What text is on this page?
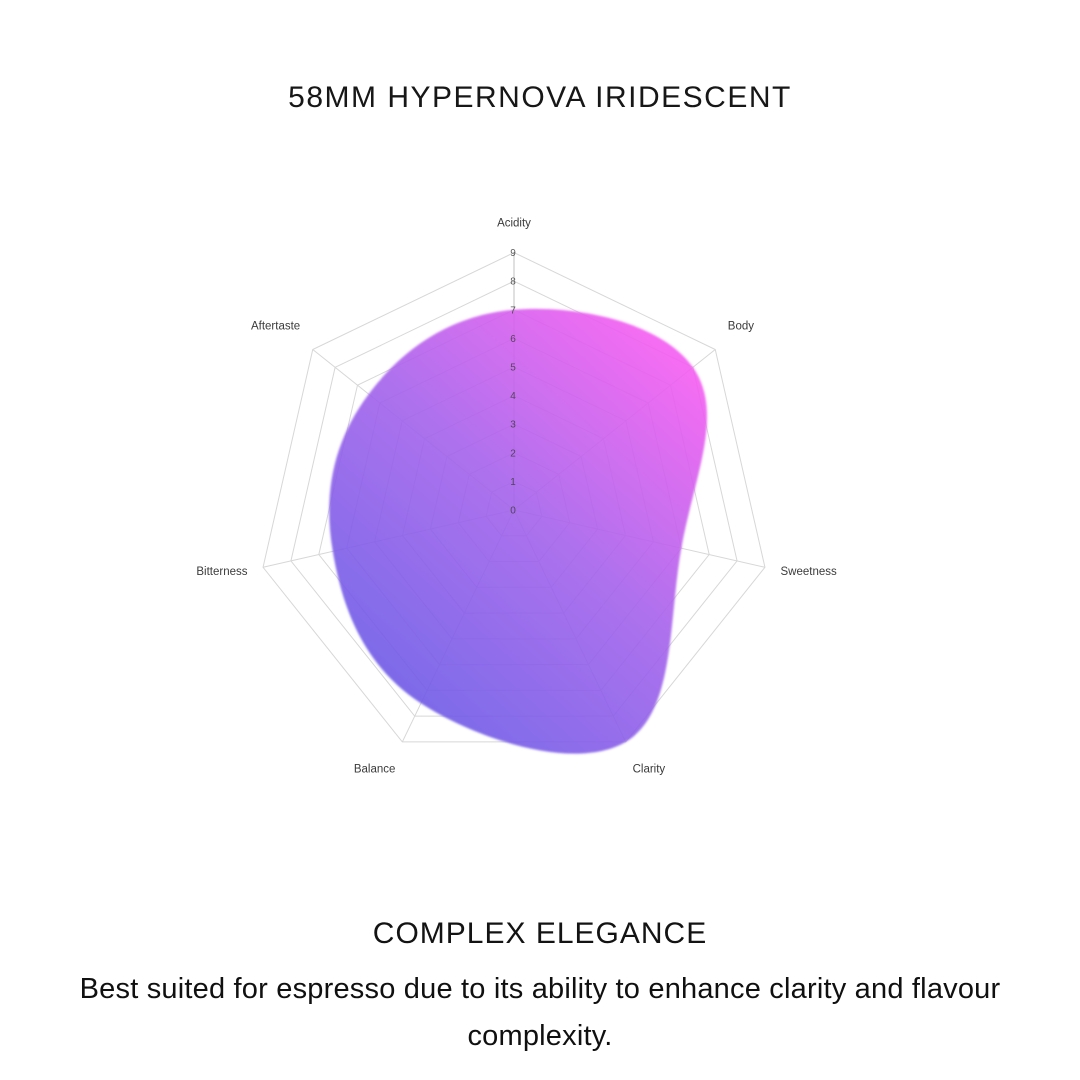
58MM HYPERNOVA IRIDESCENT
0
1
2
3
4
5
6
7
8
9
Acidity
Body
Sweetness
Clarity
Balance
Bitterness
Aftertaste
COMPLEX ELEGANCE

Best suited for espresso due to its ability to enhance clarity and flavour complexity.
